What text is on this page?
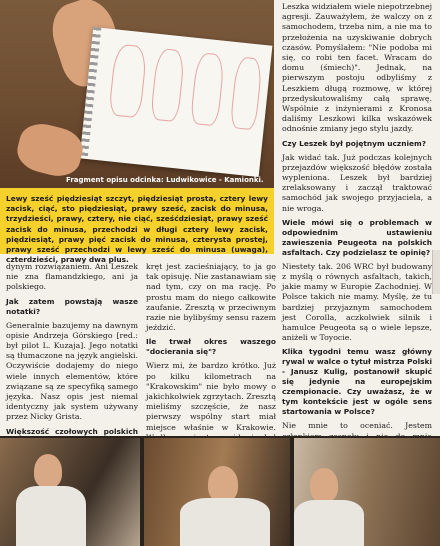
Fragment opisu odcinka: Ludwikowice - Kamionki.
Lewy sześć piędziesiąt szczyt, piędziesiąt prosta, cztery lewy zacisk, ciąć, sto piędziesiąt, prawy sześć, zacisk do minusa, trzydzieści, prawy, cztery, nie ciąć, sześćdziesiąt, prawy sześć zacisk do minusa, przechodzi w długi cztery lewy zacisk, piędziesiąt, prawy pięć zacisk do minusa, czterysta prostej, prawy sześć przechodzi w lewy sześć do minusa (uwaga), czterdzieści, prawy dwa plus.

dynym rozwiązaniem. Ani Leszek nie zna flamandzkiego, ani ja polskiego.

Jak zatem powstają wasze notatki?

Generalnie bazujemy na dawnym opisie Andrzeja Górskiego [red.: był pilot L. Kuzaja]. Jego notatki są tłumaczone na język angielski. Oczywiście dodajemy do niego wiele innych elementów, które związane są ze specyfiką samego języka. Nasz opis jest niemal identyczny jak system używany przez Nicky Grista.

Większość czołowych polskich

kręt jest zacieśniający, to ja go tak opisuję. Nie zastanawiam się nad tym, czy on ma rację. Po prostu mam do niego całkowite zaufanie. Zresztą w przeciwnym razie nie bylibyśmy sensu razem jeździć.

Ile trwał okres waszego "docierania się"?

Wierz mi, że bardzo krótko. Już po kilku kilometrach na "Krakowskim" nie było mowy o jakichkolwiek zgrzytach. Zresztą mieliśmy szczęście, że nasz pierwszy wspólny start miał miejsce właśnie w Krakowie.

Leszka widziałem wiele niepotrzebnej agresji. Zauważyłem, że walczy on z samochodem, trzeba nim, a nie ma to przełożenia na uzyskiwanie dobrych czasów. Pomyślałem: "Nie podoba mi się, co robi ten facet. Wracam do domu (śmiech)". Jednak, na pierwszym postoju odbyliśmy z Leszkiem długą rozmowę, w której przedyskutowaliśmy całą sprawę. Wspólnie z inżynierami z Kronosa daliśmy Leszkowi kilka wskazówek odnośnie zmiany jego stylu jazdy.

Czy Leszek był pojętnym uczniem?

Jak widać tak. Już podczas kolejnych przejazdów większość błędów została wypleniona. Leszek był bardziej zrelaksowany i zaczął traktować samochód jak swojego przyjaciela, a nie wroga.

Wiele mówi się o problemach w odpowiednim ustawieniu zawieszenia Peugeota na polskich asfaltach. Czy podzielasz te opinię?

Niestety tak. 206 WRC był budowany z myślą o równych asfaltach, takich, jakie mamy w Europie Zachodniej. W Polsce takich nie mamy. Myślę, że tu bardziej przyjaznym samochodem jest Corolla, aczkolwiek silnik i hamulce Peugeota są o wiele lepsze, aniżeli w Toyocie.

Klika tygodni temu wasz główny rywal w walce o tytuł mistrza Polski - Janusz Kulig, postanowił skupić się jedynie na europejskim czempionacie. Czy uważasz, że w tym kontekście jest w ogóle sens startowania w Polsce?

Nie mnie to oceniać. Jestem
